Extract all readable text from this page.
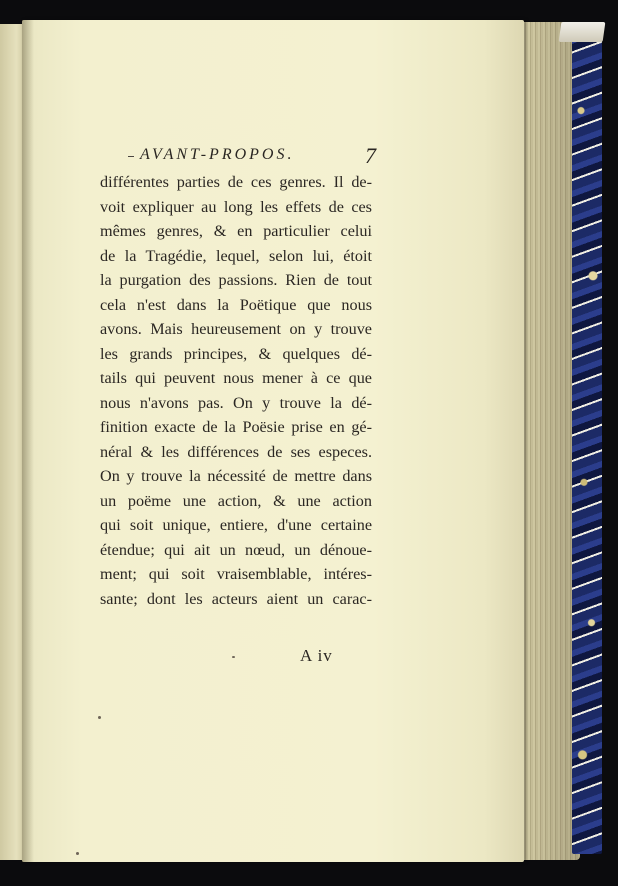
AVANT-PROPOS.	7
différentes parties de ces genres. Il de-
voit expliquer au long les effets de ces
mêmes genres, & en particulier celui
de la Tragédie, lequel, selon lui, étoit
la purgation des passions. Rien de tout
cela n'est dans la Poëtique que nous
avons. Mais heureusement on y trouve
les grands principes, & quelques dé-
tails qui peuvent nous mener à ce que
nous n'avons pas. On y trouve la dé-
finition exacte de la Poësie prise en gé-
néral & les différences de ses especes.
On y trouve la nécessité de mettre dans
un poëme une action, & une action
qui soit unique, entiere, d'une certaine
étendue; qui ait un nœud, un dénoue-
ment; qui soit vraisemblable, intéres-
sante; dont les acteurs aient un carac-
A iv
